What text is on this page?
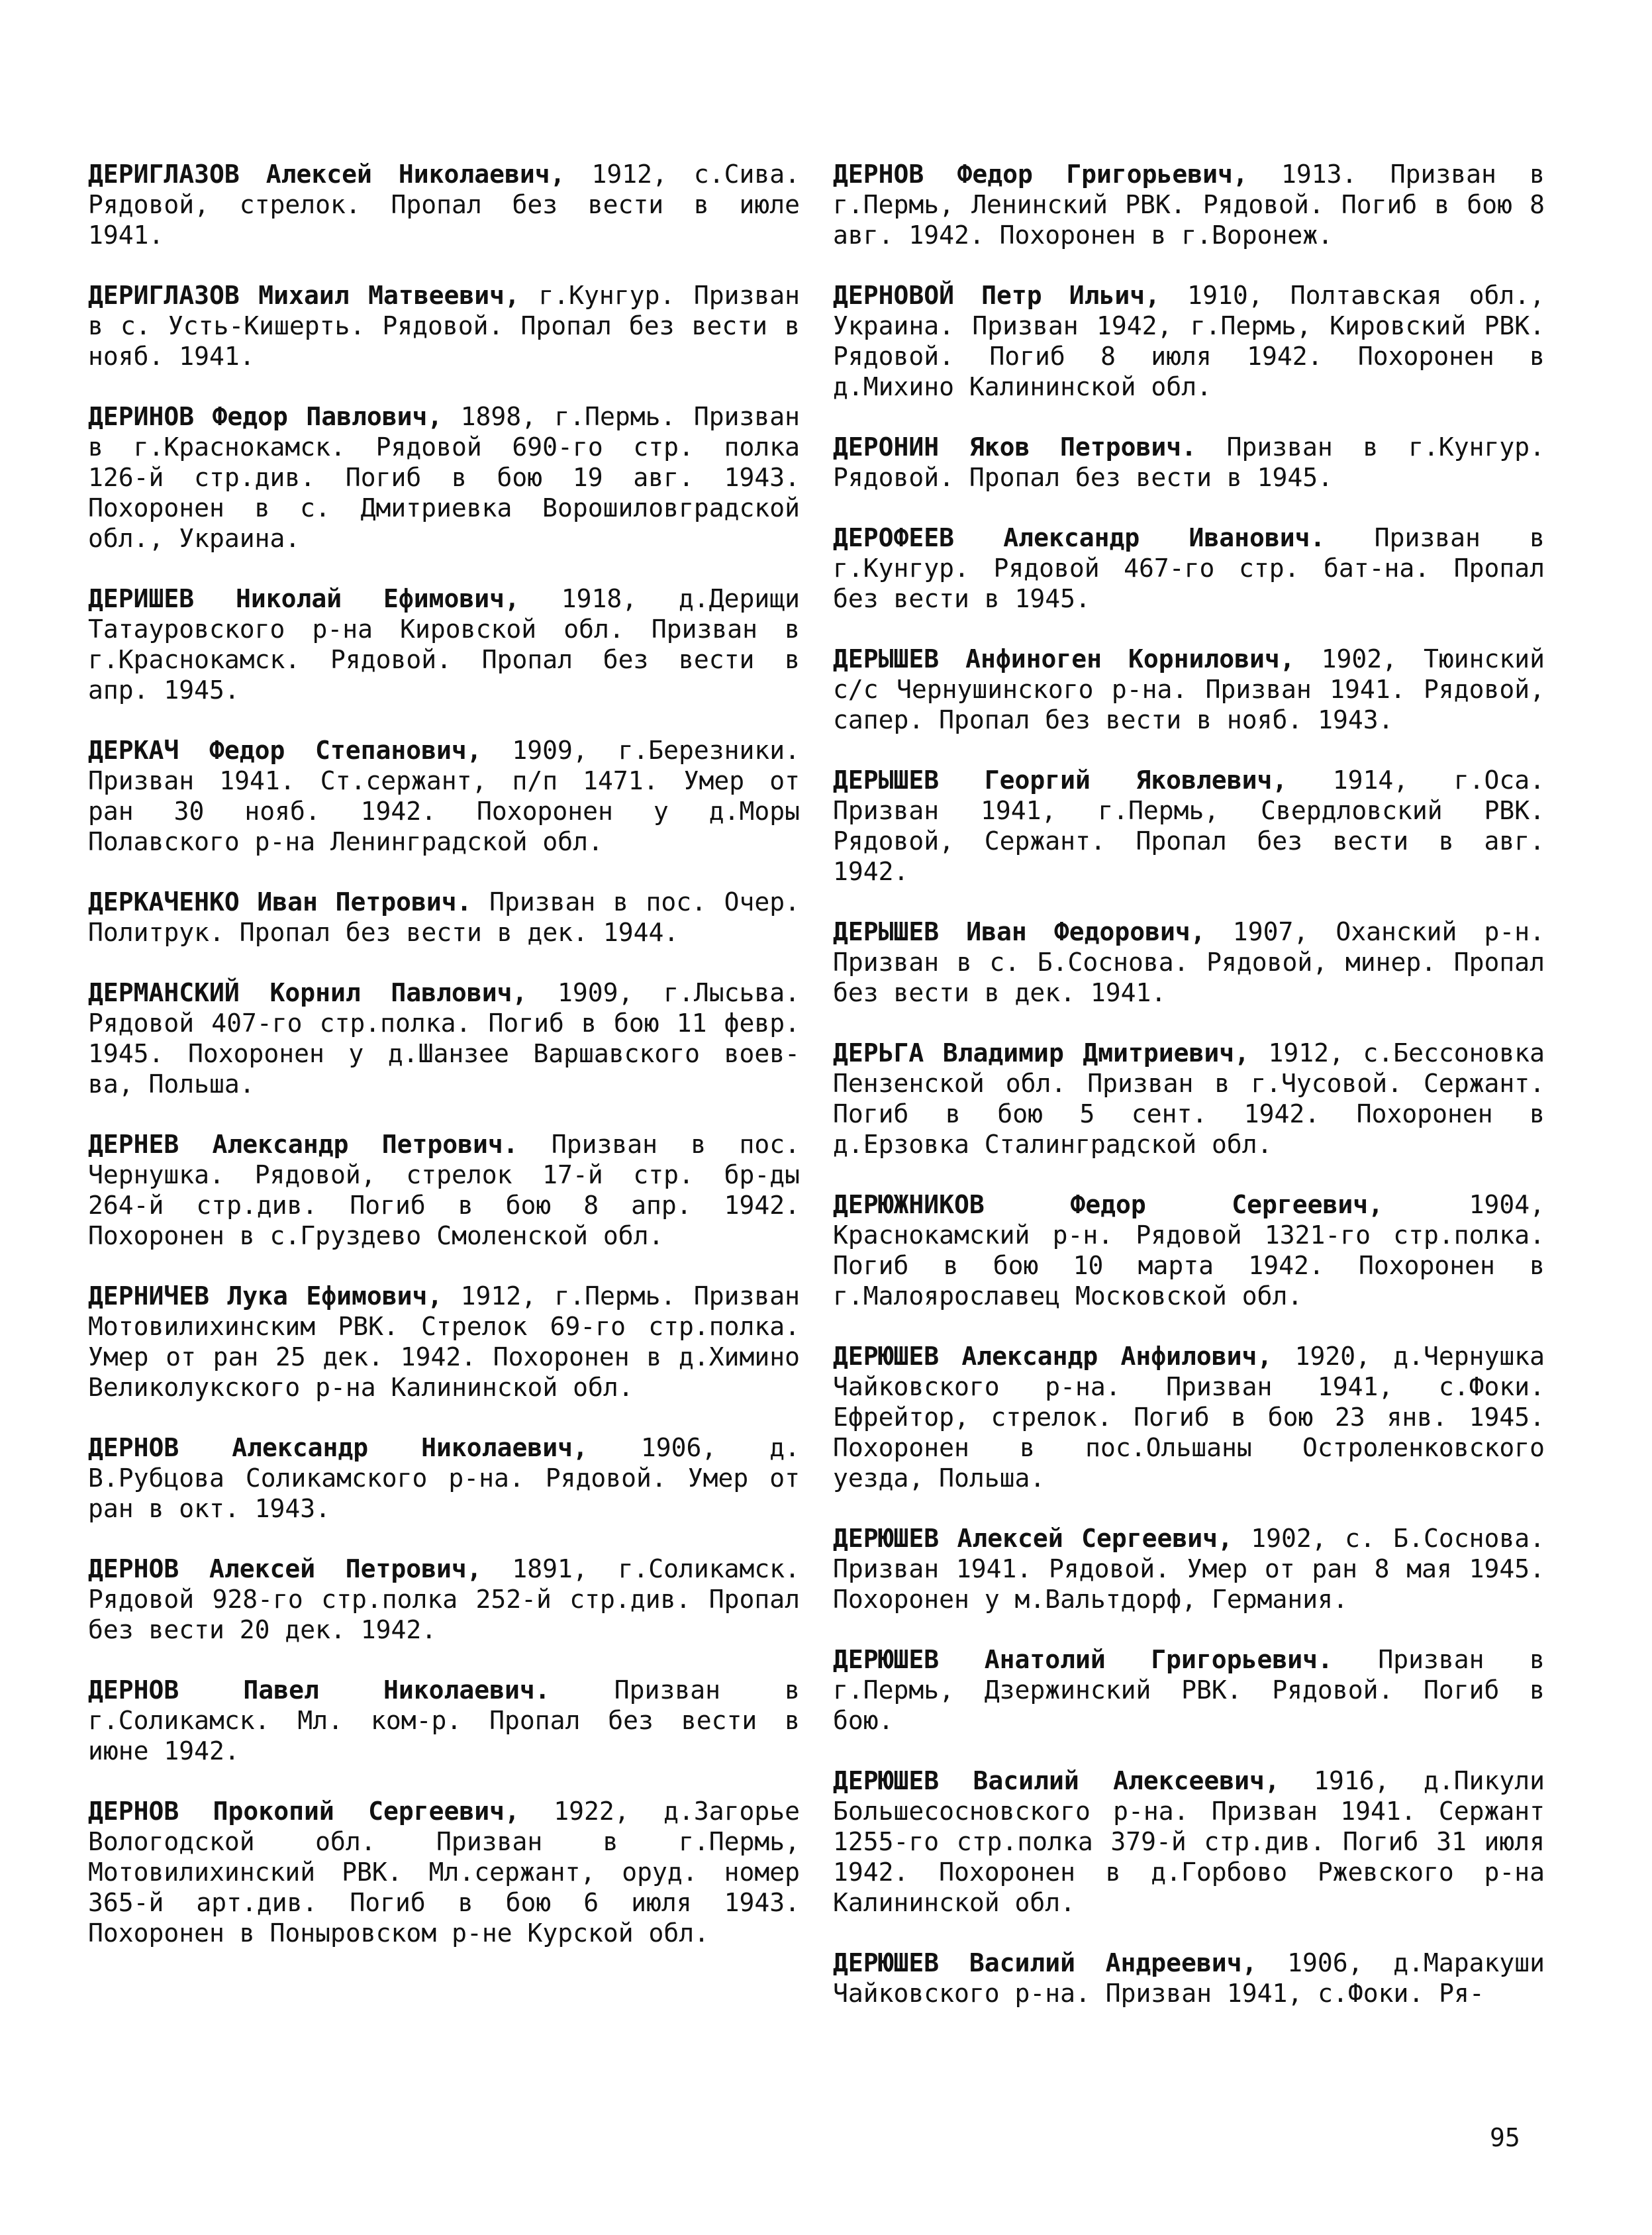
ДЕРИГЛАЗОВ Алексей Николаевич, 1912, с.Сива. Рядовой, стрелок. Пропал без вести в июле 1941.

ДЕРИГЛАЗОВ Михаил Матвеевич, г.Кунгур. Призван в с. Усть-Кишерть. Рядовой. Пропал без вести в нояб. 1941.

ДЕРИНОВ Федор Павлович, 1898, г.Пермь. Призван в г.Краснокамск. Рядовой 690-го стр. полка 126-й стр.див. Погиб в бою 19 авг. 1943. Похоронен в с. Дмитриевка Ворошиловградской обл., Украина.

ДЕРИШЕВ Николай Ефимович, 1918, д.Дерищи Татауровского р-на Кировской обл. Призван в г.Краснокамск. Рядовой. Пропал без вести в апр. 1945.

ДЕРКАЧ Федор Степанович, 1909, г.Березники. Призван 1941. Ст.сержант, п/п 1471. Умер от ран 30 нояб. 1942. Похоронен у д.Моры Полавского р-на Ленинградской обл.

ДЕРКАЧЕНКО Иван Петрович. Призван в пос. Очер. Политрук. Пропал без вести в дек. 1944.

ДЕРМАНСКИЙ Корнил Павлович, 1909, г.Лысьва. Рядовой 407-го стр.полка. Погиб в бою 11 февр. 1945. Похоронен у д.Шанзее Варшавского воев-ва, Польша.

ДЕРНЕВ Александр Петрович. Призван в пос. Чернушка. Рядовой, стрелок 17-й стр. бр-ды 264-й стр.див. Погиб в бою 8 апр. 1942. Похоронен в с.Груздево Смоленской обл.

ДЕРНИЧЕВ Лука Ефимович, 1912, г.Пермь. Призван Мотовилихинским РВК. Стрелок 69-го стр.полка. Умер от ран 25 дек. 1942. Похоронен в д.Химино Великолукского р-на Калининской обл.

ДЕРНОВ Александр Николаевич, 1906, д. В.Рубцова Соликамского р-на. Рядовой. Умер от ран в окт. 1943.

ДЕРНОВ Алексей Петрович, 1891, г.Соликамск. Рядовой 928-го стр.полка 252-й стр.див. Пропал без вести 20 дек. 1942.

ДЕРНОВ Павел Николаевич. Призван в г.Соликамск. Мл. ком-р. Пропал без вести в июне 1942.

ДЕРНОВ Прокопий Сергеевич, 1922, д.Загорье Вологодской обл. Призван в г.Пермь, Мотовилихинский РВК. Мл.сержант, оруд. номер 365-й арт.див. Погиб в бою 6 июля 1943. Похоронен в Поныровском р-не Курской обл.

ДЕРНОВ Федор Григорьевич, 1913. Призван в г.Пермь, Ленинский РВК. Рядовой. Погиб в бою 8 авг. 1942. Похоронен в г.Воронеж.

ДЕРНОВОЙ Петр Ильич, 1910, Полтавская обл., Украина. Призван 1942, г.Пермь, Кировский РВК. Рядовой. Погиб 8 июля 1942. Похоронен в д.Михино Калининской обл.

ДЕРОНИН Яков Петрович. Призван в г.Кунгур. Рядовой. Пропал без вести в 1945.

ДЕРОФЕЕВ Александр Иванович. Призван в г.Кунгур. Рядовой 467-го стр. бат-на. Пропал без вести в 1945.

ДЕРЫШЕВ Анфиноген Корнилович, 1902, Тюинский с/с Чернушинского р-на. Призван 1941. Рядовой, сапер. Пропал без вести в нояб. 1943.

ДЕРЫШЕВ Георгий Яковлевич, 1914, г.Оса. Призван 1941, г.Пермь, Свердловский РВК. Рядовой, Сержант. Пропал без вести в авг. 1942.

ДЕРЫШЕВ Иван Федорович, 1907, Оханский р-н. Призван в с. Б.Соснова. Рядовой, минер. Пропал без вести в дек. 1941.

ДЕРЬГА Владимир Дмитриевич, 1912, с.Бессоновка Пензенской обл. Призван в г.Чусовой. Сержант. Погиб в бою 5 сент. 1942. Похоронен в д.Ерзовка Сталинградской обл.

ДЕРЮЖНИКОВ Федор Сергеевич, 1904, Краснокамский р-н. Рядовой 1321-го стр.полка. Погиб в бою 10 марта 1942. Похоронен в г.Малоярославец Московской обл.

ДЕРЮШЕВ Александр Анфилович, 1920, д.Чернушка Чайковского р-на. Призван 1941, с.Фоки. Ефрейтор, стрелок. Погиб в бою 23 янв. 1945. Похоронен в пос.Ольшаны Остроленковского уезда, Польша.

ДЕРЮШЕВ Алексей Сергеевич, 1902, с. Б.Соснова. Призван 1941. Рядовой. Умер от ран 8 мая 1945. Похоронен у м.Вальтдорф, Германия.

ДЕРЮШЕВ Анатолий Григорьевич. Призван в г.Пермь, Дзержинский РВК. Рядовой. Погиб в бою.

ДЕРЮШЕВ Василий Алексеевич, 1916, д.Пикули Большесосновского р-на. Призван 1941. Сержант 1255-го стр.полка 379-й стр.див. Погиб 31 июля 1942. Похоронен в д.Горбово Ржевского р-на Калининской обл.

ДЕРЮШЕВ Василий Андреевич, 1906, д.Маракуши Чайковского р-на. Призван 1941, с.Фоки. Ря-

95
